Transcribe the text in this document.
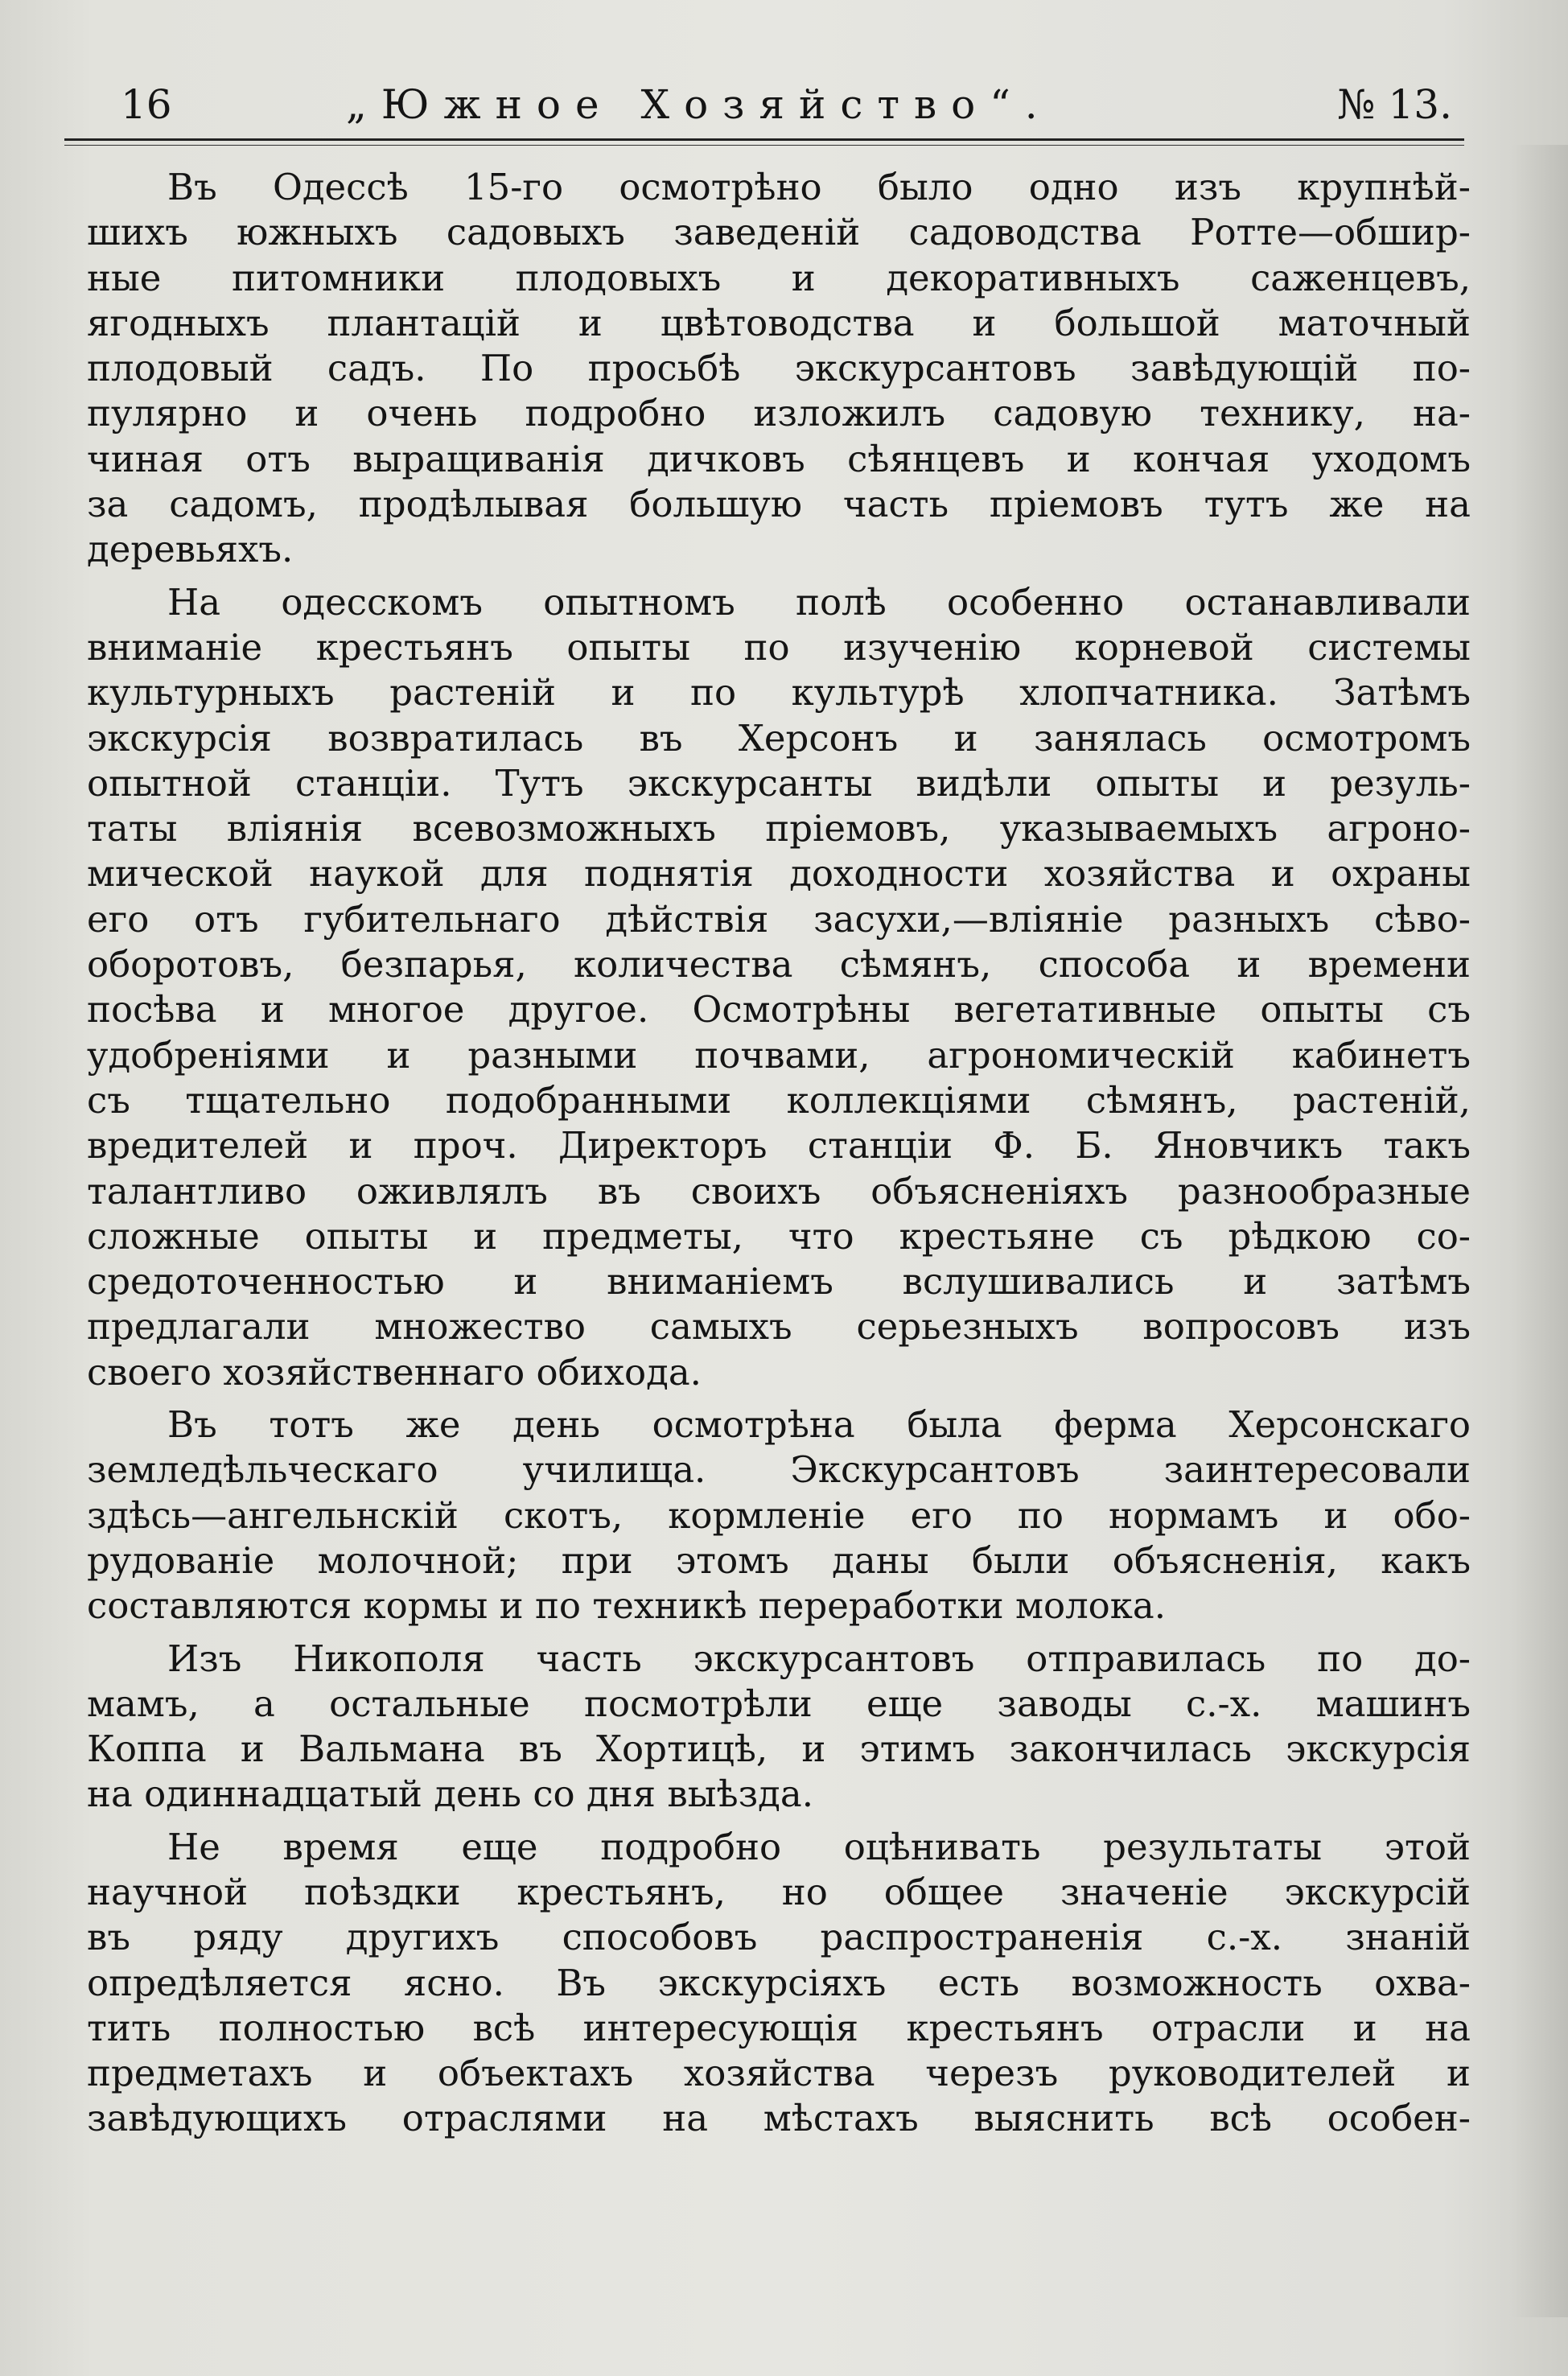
16	„Южное Хозяйство“.	№ 13.
Въ Одессѣ 15-го осмотрѣно было одно изъ крупнѣй-
шихъ южныхъ садовыхъ заведенiй садоводства Ротте—обшир-
ные питомники плодовыхъ и декоративныхъ саженцевъ,
ягодныхъ плантацiй и цвѣтоводства и большой маточный
плодовый садъ. По просьбѣ экскурсантовъ завѣдующiй по-
пулярно и очень подробно изложилъ садовую технику, на-
чиная отъ выращиванiя дичковъ сѣянцевъ и кончая уходомъ
за садомъ, продѣлывая большую часть прiемовъ тутъ же на
деревьяхъ.
На одесскомъ опытномъ полѣ особенно останавливали
вниманiе крестьянъ опыты по изученiю корневой системы
культурныхъ растенiй и по культурѣ хлопчатника. Затѣмъ
экскурсiя возвратилась въ Херсонъ и занялась осмотромъ
опытной станцiи. Тутъ экскурсанты видѣли опыты и резуль-
таты влiянiя всевозможныхъ прiемовъ, указываемыхъ агроно-
мической наукой для поднятiя доходности хозяйства и охраны
его отъ губительнаго дѣйствiя засухи,—влiянiе разныхъ сѣво-
оборотовъ, безпарья, количества сѣмянъ, способа и времени
посѣва и многое другое. Осмотрѣны вегетативные опыты съ
удобренiями и разными почвами, агрономическiй кабинетъ
съ тщательно подобранными коллекцiями сѣмянъ, растенiй,
вредителей и проч. Директоръ станцiи Ф. Б. Яновчикъ такъ
талантливо оживлялъ въ своихъ объясненiяхъ разнообразные
сложные опыты и предметы, что крестьяне съ рѣдкою со-
средоточенностью и вниманiемъ вслушивались и затѣмъ
предлагали множество самыхъ серьезныхъ вопросовъ изъ
своего хозяйственнаго обихода.
Въ тотъ же день осмотрѣна была ферма Херсонскаго
земледѣльческаго училища. Экскурсантовъ заинтересовали
здѣсь—ангельнскiй скотъ, кормленiе его по нормамъ и обо-
рудованiе молочной; при этомъ даны были объясненiя, какъ
составляются кормы и по техникѣ переработки молока.
Изъ Никополя часть экскурсантовъ отправилась по до-
мамъ, а остальные посмотрѣли еще заводы с.-х. машинъ
Коппа и Вальмана въ Хортицѣ, и этимъ закончилась экскурсiя
на одиннадцатый день со дня выѣзда.
Не время еще подробно оцѣнивать результаты этой
научной поѣздки крестьянъ, но общее значенiе экскурсiй
въ ряду другихъ способовъ распространенiя с.-х. знанiй
опредѣляется ясно. Въ экскурсiяхъ есть возможность охва-
тить полностью всѣ интересующiя крестьянъ отрасли и на
предметахъ и объектахъ хозяйства черезъ руководителей и
завѣдующихъ отраслями на мѣстахъ выяснить всѣ особен-
